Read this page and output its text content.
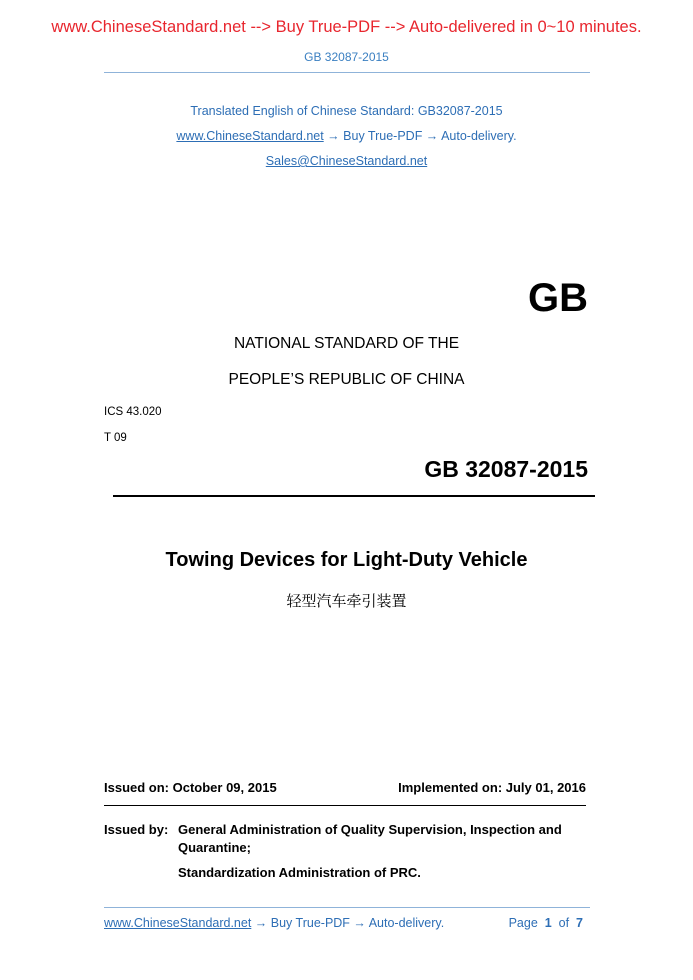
www.ChineseStandard.net --> Buy True-PDF --> Auto-delivered in 0~10 minutes.
GB 32087-2015
Translated English of Chinese Standard: GB32087-2015
www.ChineseStandard.net → Buy True-PDF → Auto-delivery.
Sales@ChineseStandard.net
GB
NATIONAL STANDARD OF THE
PEOPLE’S REPUBLIC OF CHINA
ICS 43.020
T 09
GB 32087-2015
Towing Devices for Light-Duty Vehicle
轻型汽车牵引装置
Issued on: October 09, 2015	Implemented on: July 01, 2016
Issued by: General Administration of Quality Supervision, Inspection and
Quarantine;
Standardization Administration of PRC.
www.ChineseStandard.net → Buy True-PDF → Auto-delivery.	Page 1 of 7
